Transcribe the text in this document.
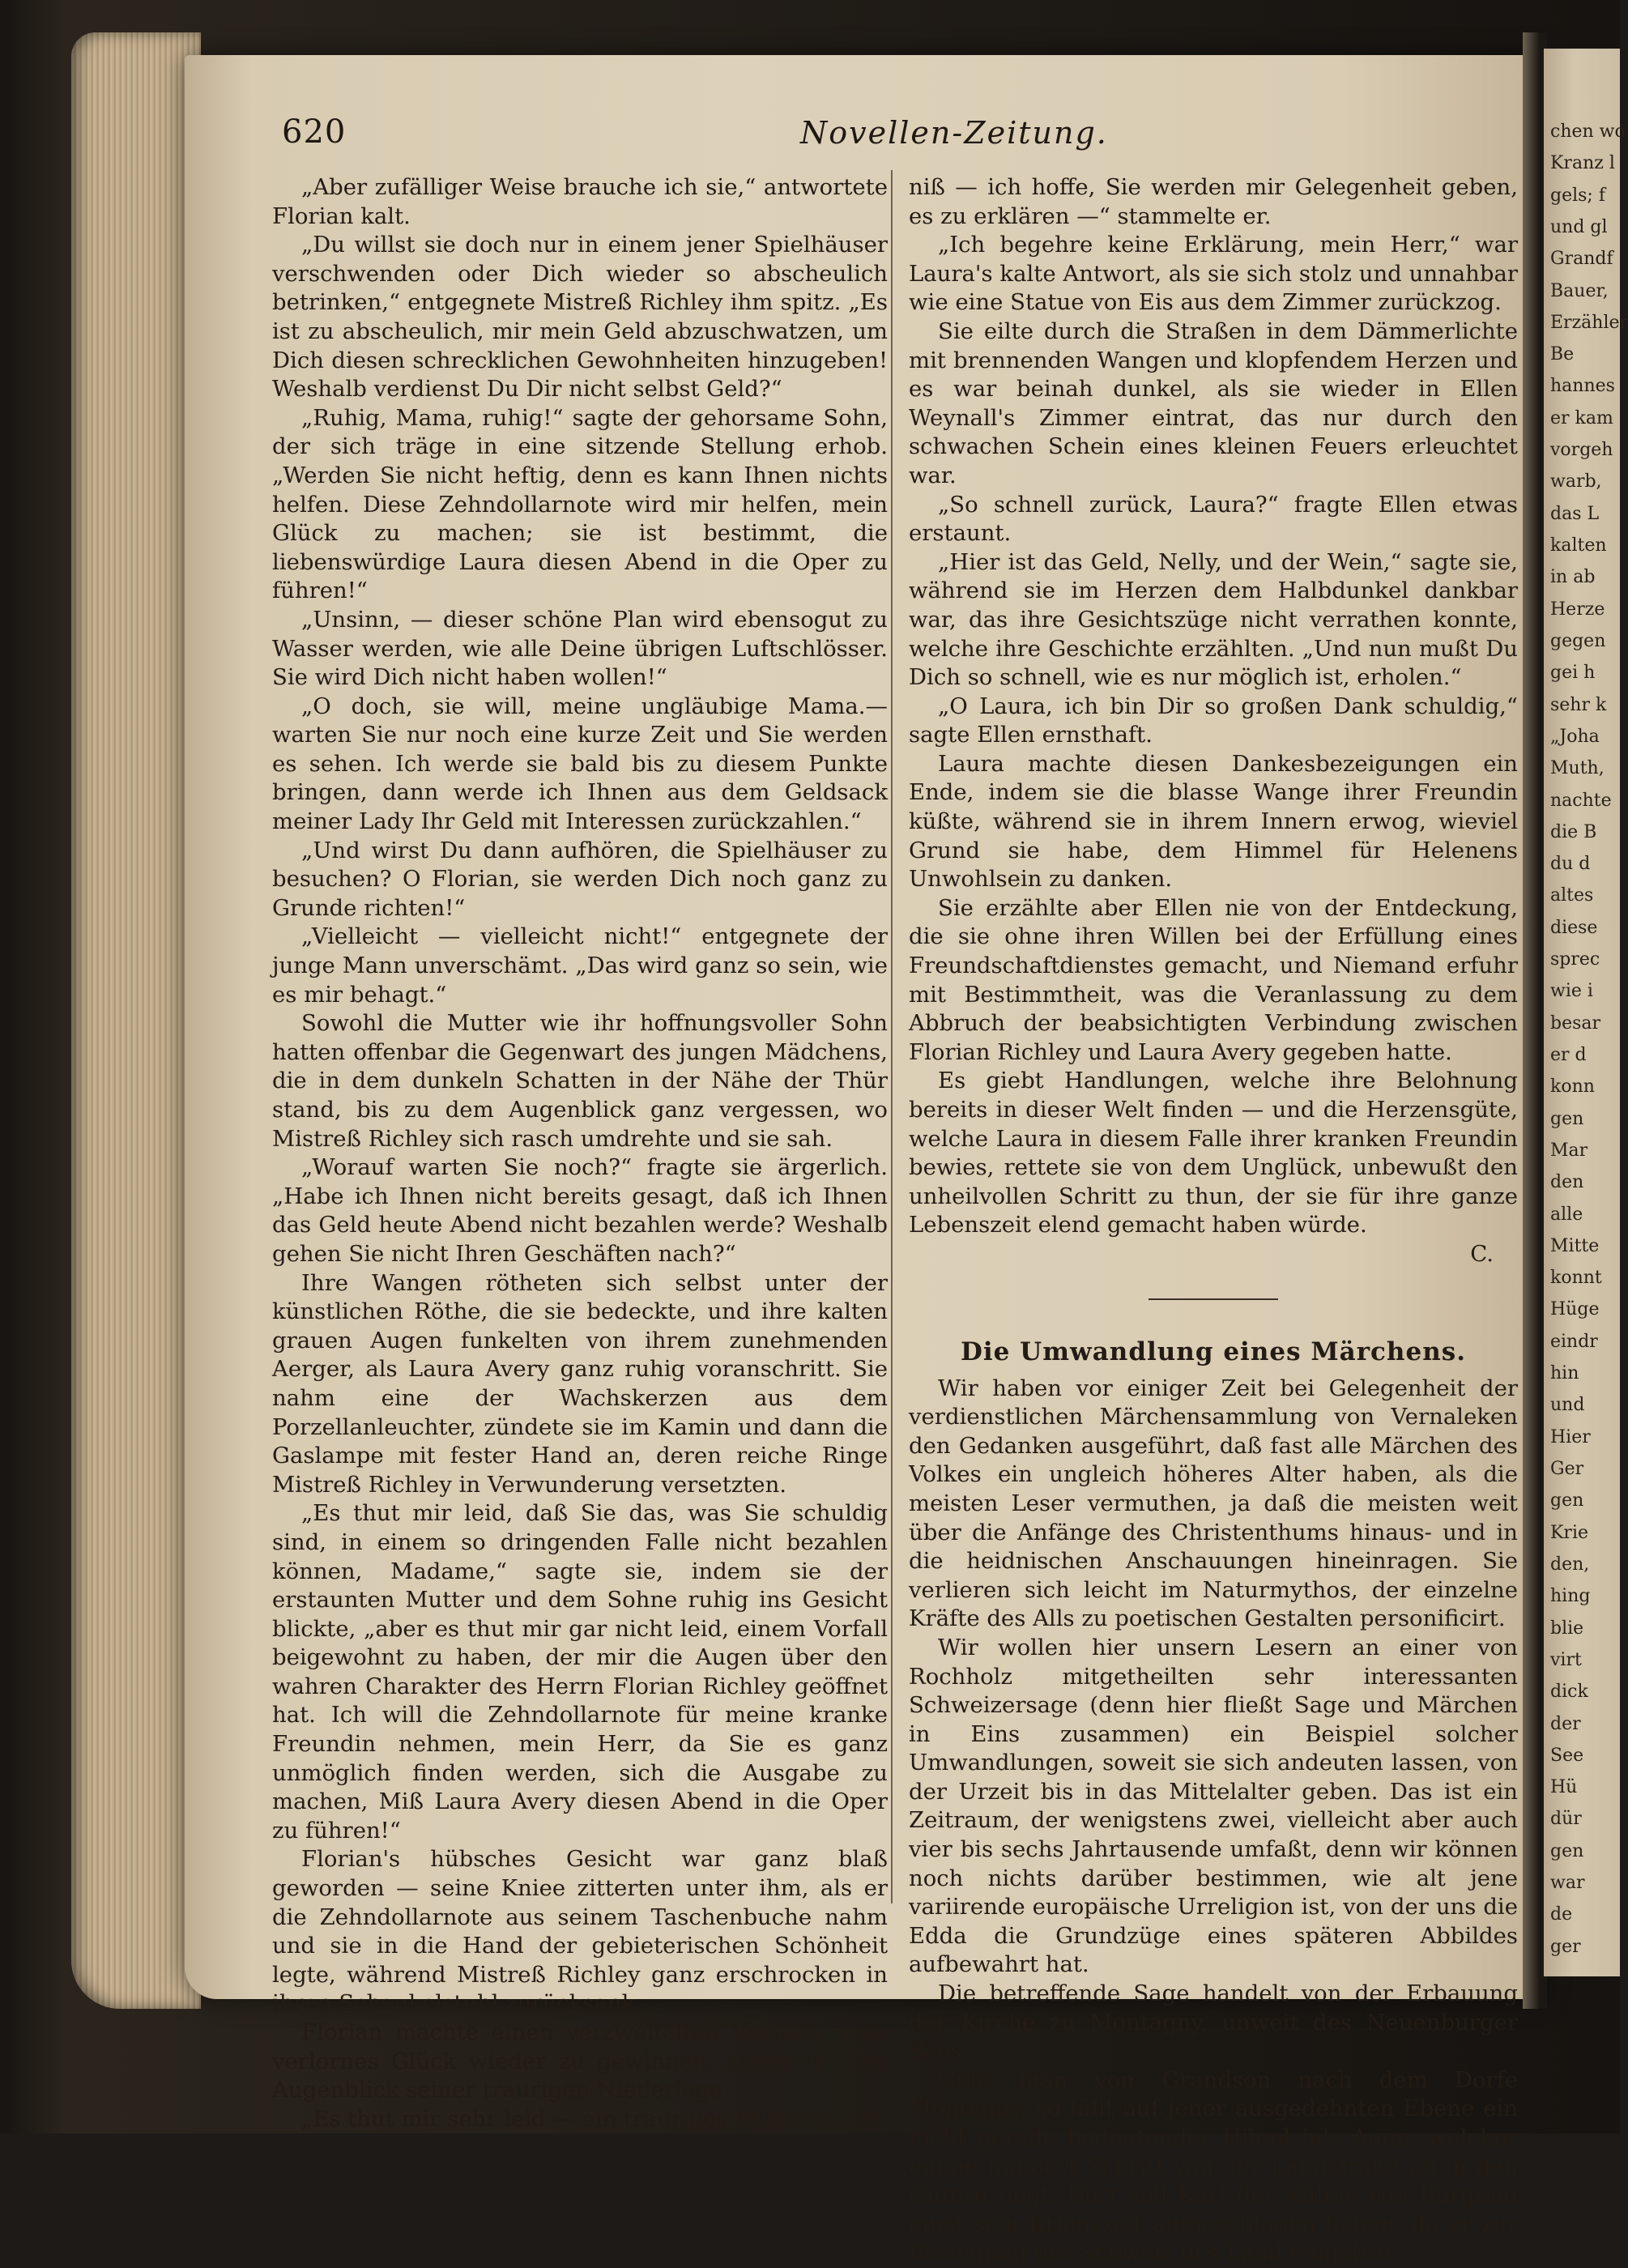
chen wo
Kranz l
gels; f
und gl
Grandf
Bauer,
Erzähler
Be
hannes
er kam
vorgeh
warb,
das L
kalten
in ab
Herze
gegen
gei h
sehr k
„Joha
Muth,
nachte
die B
du d
altes
diese
sprec
wie i
besar
er d
konn
gen
Mar
den
alle
Mitte
konnt
Hüge
eindr
hin
und
Hier
Ger
gen
Krie
den,
hing
blie
virt
dick
der
See
Hü
dür
gen
war
de
ger
620	Novellen-Zeitung.

„Aber zufälliger Weise brauche ich sie,“ antwortete Florian kalt.

„Du willst sie doch nur in einem jener Spielhäuser verschwenden oder Dich wieder so abscheulich betrinken,“ entgegnete Mistreß Richley ihm spitz. „Es ist zu abscheulich, mir mein Geld abzuschwatzen, um Dich diesen schrecklichen Gewohnheiten hinzugeben! Weshalb verdienst Du Dir nicht selbst Geld?“

„Ruhig, Mama, ruhig!“ sagte der gehorsame Sohn, der sich träge in eine sitzende Stellung erhob. „Werden Sie nicht heftig, denn es kann Ihnen nichts helfen. Diese Zehndollarnote wird mir helfen, mein Glück zu machen; sie ist bestimmt, die liebenswürdige Laura diesen Abend in die Oper zu führen!“

„Unsinn, — dieser schöne Plan wird ebensogut zu Wasser werden, wie alle Deine übrigen Luftschlösser. Sie wird Dich nicht haben wollen!“

„O doch, sie will, meine ungläubige Mama.— warten Sie nur noch eine kurze Zeit und Sie werden es sehen. Ich werde sie bald bis zu diesem Punkte bringen, dann werde ich Ihnen aus dem Geldsack meiner Lady Ihr Geld mit Interessen zurückzahlen.“

„Und wirst Du dann aufhören, die Spielhäuser zu besuchen? O Florian, sie werden Dich noch ganz zu Grunde richten!“

„Vielleicht — vielleicht nicht!“ entgegnete der junge Mann unverschämt. „Das wird ganz so sein, wie es mir behagt.“

Sowohl die Mutter wie ihr hoffnungsvoller Sohn hatten offenbar die Gegenwart des jungen Mädchens, die in dem dunkeln Schatten in der Nähe der Thür stand, bis zu dem Augenblick ganz vergessen, wo Mistreß Richley sich rasch umdrehte und sie sah.

„Worauf warten Sie noch?“ fragte sie ärgerlich. „Habe ich Ihnen nicht bereits gesagt, daß ich Ihnen das Geld heute Abend nicht bezahlen werde? Weshalb gehen Sie nicht Ihren Geschäften nach?“

Ihre Wangen rötheten sich selbst unter der künstlichen Röthe, die sie bedeckte, und ihre kalten grauen Augen funkelten von ihrem zunehmenden Aerger, als Laura Avery ganz ruhig voranschritt. Sie nahm eine der Wachskerzen aus dem Porzellanleuchter, zündete sie im Kamin und dann die Gaslampe mit fester Hand an, deren reiche Ringe Mistreß Richley in Verwunderung versetzten.

„Es thut mir leid, daß Sie das, was Sie schuldig sind, in einem so dringenden Falle nicht bezahlen können, Madame,“ sagte sie, indem sie der erstaunten Mutter und dem Sohne ruhig ins Gesicht blickte, „aber es thut mir gar nicht leid, einem Vorfall beigewohnt zu haben, der mir die Augen über den wahren Charakter des Herrn Florian Richley geöffnet hat. Ich will die Zehndollarnote für meine kranke Freundin nehmen, mein Herr, da Sie es ganz unmöglich finden werden, sich die Ausgabe zu machen, Miß Laura Avery diesen Abend in die Oper zu führen!“

Florian's hübsches Gesicht war ganz blaß geworden — seine Kniee zitterten unter ihm, als er die Zehndollarnote aus seinem Taschenbuche nahm und sie in die Hand der gebieterischen Schönheit legte, während Mistreß Richley ganz erschrocken in ihren Schaukelstuhl zurücksank.

Florian machte einen verzweifelten Versuch, sein verlornes Glück wieder zu gewinnen, selbst in dem Augenblick seiner traurigen Niederlage.

„Es thut mir sehr leid — ein trauriges Mißverständ-

niß — ich hoffe, Sie werden mir Gelegenheit geben, es zu erklären —“ stammelte er.

„Ich begehre keine Erklärung, mein Herr,“ war Laura's kalte Antwort, als sie sich stolz und unnahbar wie eine Statue von Eis aus dem Zimmer zurückzog.

Sie eilte durch die Straßen in dem Dämmerlichte mit brennenden Wangen und klopfendem Herzen und es war beinah dunkel, als sie wieder in Ellen Weynall's Zimmer eintrat, das nur durch den schwachen Schein eines kleinen Feuers erleuchtet war.

„So schnell zurück, Laura?“ fragte Ellen etwas erstaunt.

„Hier ist das Geld, Nelly, und der Wein,“ sagte sie, während sie im Herzen dem Halbdunkel dankbar war, das ihre Gesichtszüge nicht verrathen konnte, welche ihre Geschichte erzählten. „Und nun mußt Du Dich so schnell, wie es nur möglich ist, erholen.“

„O Laura, ich bin Dir so großen Dank schuldig,“ sagte Ellen ernsthaft.

Laura machte diesen Dankesbezeigungen ein Ende, indem sie die blasse Wange ihrer Freundin küßte, während sie in ihrem Innern erwog, wieviel Grund sie habe, dem Himmel für Helenens Unwohlsein zu danken.

Sie erzählte aber Ellen nie von der Entdeckung, die sie ohne ihren Willen bei der Erfüllung eines Freundschaftdienstes gemacht, und Niemand erfuhr mit Bestimmtheit, was die Veranlassung zu dem Abbruch der beabsichtigten Verbindung zwischen Florian Richley und Laura Avery gegeben hatte.

Es giebt Handlungen, welche ihre Belohnung bereits in dieser Welt finden — und die Herzensgüte, welche Laura in diesem Falle ihrer kranken Freundin bewies, rettete sie von dem Unglück, unbewußt den unheilvollen Schritt zu thun, der sie für ihre ganze Lebenszeit elend gemacht haben würde.

C.

Die Umwandlung eines Märchens.

Wir haben vor einiger Zeit bei Gelegenheit der verdienstlichen Märchensammlung von Vernaleken den Gedanken ausgeführt, daß fast alle Märchen des Volkes ein ungleich höheres Alter haben, als die meisten Leser vermuthen, ja daß die meisten weit über die Anfänge des Christenthums hinaus- und in die heidnischen Anschauungen hineinragen. Sie verlieren sich leicht im Naturmythos, der einzelne Kräfte des Alls zu poetischen Gestalten personificirt.

Wir wollen hier unsern Lesern an einer von Rochholz mitgetheilten sehr interessanten Schweizersage (denn hier fließt Sage und Märchen in Eins zusammen) ein Beispiel solcher Umwandlungen, soweit sie sich andeuten lassen, von der Urzeit bis in das Mittelalter geben. Das ist ein Zeitraum, der wenigstens zwei, vielleicht aber auch vier bis sechs Jahrtausende umfaßt, denn wir können noch nichts darüber bestimmen, wie alt jene variirende europäische Urreligion ist, von der uns die Edda die Grundzüge eines späteren Abbildes aufbewahrt hat.

Die betreffende Sage handelt von der Erbauung der Kirche zu Montagny, unweit des Neuenburger Sees.

Geht man von Grandson nach dem Dorfe Montagny, so fällt auf jener ausgedehnten Ebene ein nicht gerade bedeutender Hügel in's Auge, welcher einige hundert Schritt von der Landstraße ab in den Gütern liegt. Dort soll Karl der Kühne von Burgund einst sein Kriegszelt aufgeschlagen haben, da er zur Besiegung der Schweiz in's Land eingebro-
